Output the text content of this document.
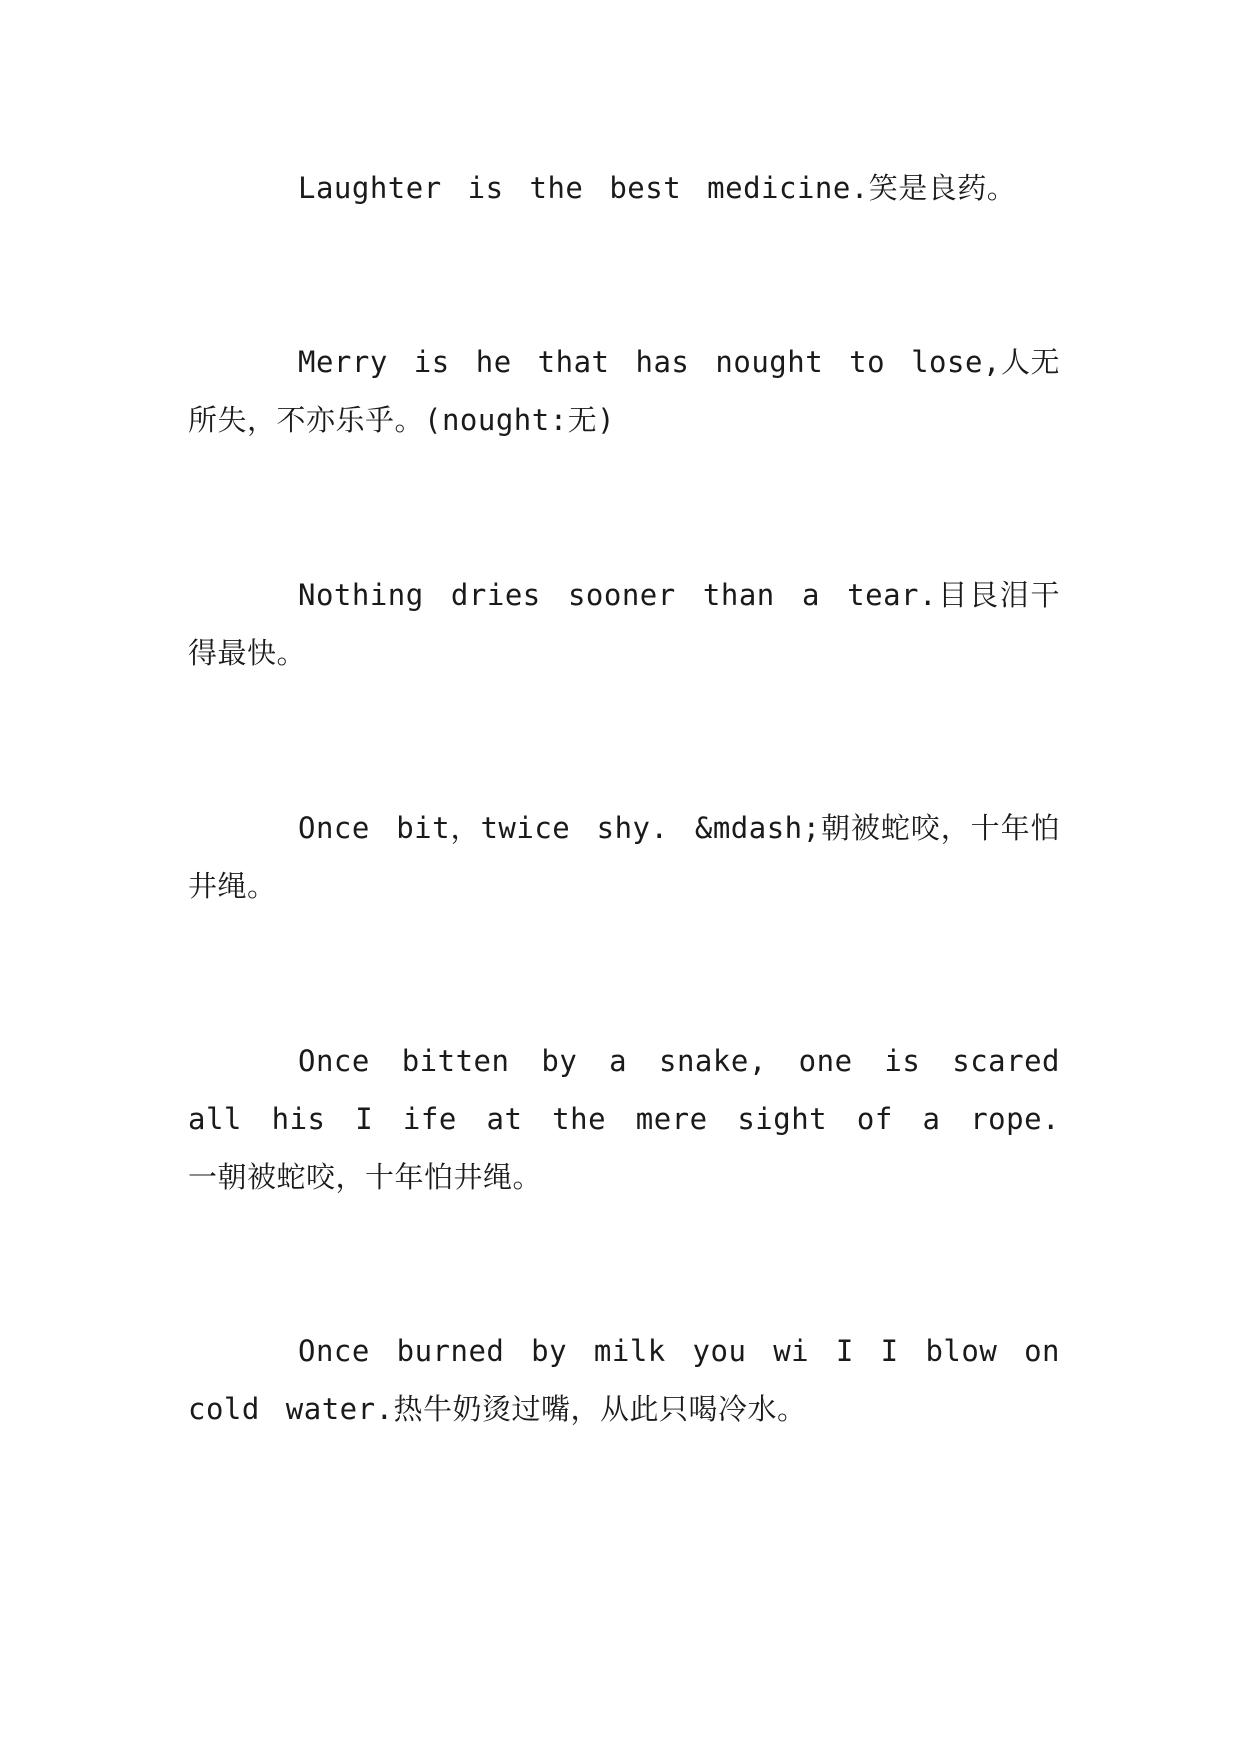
Laughter is the best medicine.笑是良药。

Merry is he that has nought to lose,人无所失，不亦乐乎。(nought:无)

Nothing dries sooner than a tear.目艮泪干得最快。

Once bit，twice shy. &mdash;朝被蛇咬，十年怕井绳。

Once bitten by a snake, one is scared all his I ife at the mere sight of a rope. 一朝被蛇咬，十年怕井绳。

Once burned by milk you wi I I blow on cold water.热牛奶烫过嘴，从此只喝冷水。
